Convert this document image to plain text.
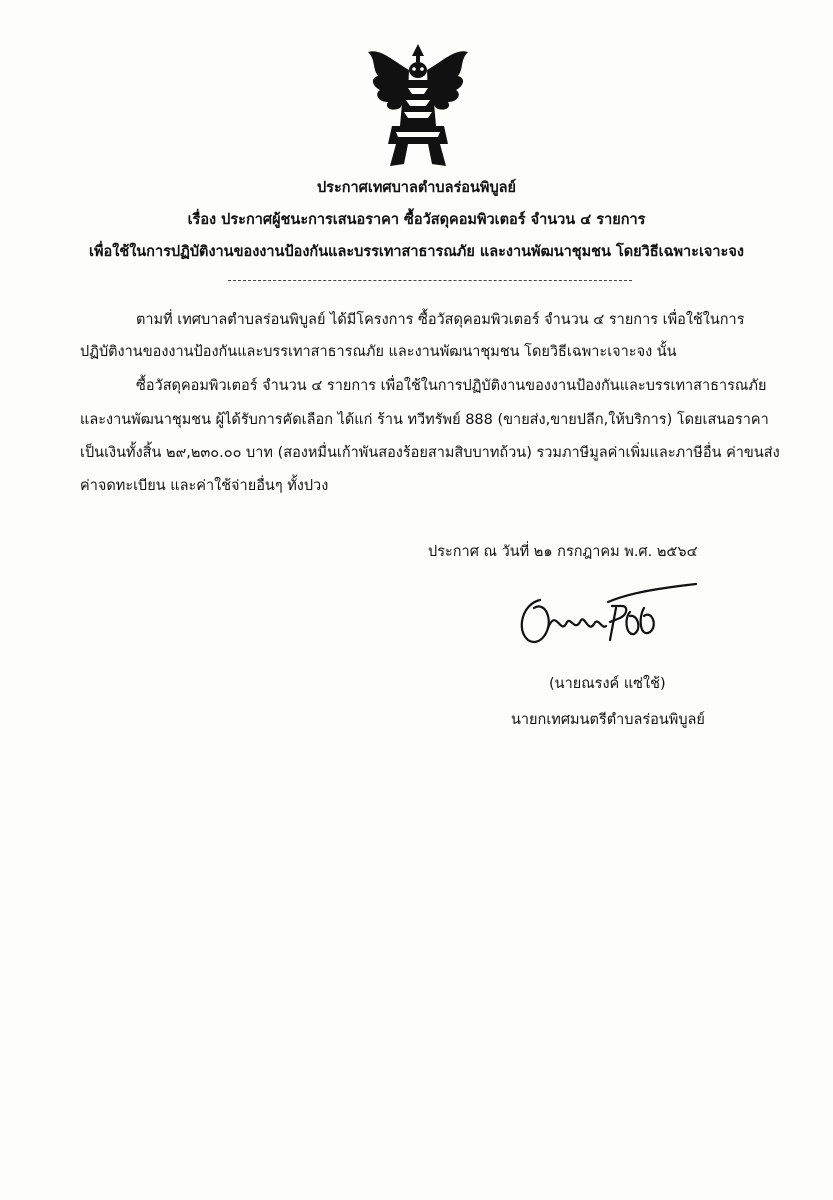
ประกาศเทศบาลตำบลร่อนพิบูลย์
เรื่อง ประกาศผู้ชนะการเสนอราคา ซื้อวัสดุคอมพิวเตอร์ จำนวน ๔ รายการ
เพื่อใช้ในการปฏิบัติงานของงานป้องกันและบรรเทาสาธารณภัย และงานพัฒนาชุมชน โดยวิธีเฉพาะเจาะจง
ตามที่ เทศบาลตำบลร่อนพิบูลย์ ได้มีโครงการ ซื้อวัสดุคอมพิวเตอร์ จำนวน ๔ รายการ เพื่อใช้ในการ
ปฏิบัติงานของงานป้องกันและบรรเทาสาธารณภัย และงานพัฒนาชุมชน โดยวิธีเฉพาะเจาะจง นั้น
ซื้อวัสดุคอมพิวเตอร์ จำนวน ๔ รายการ เพื่อใช้ในการปฏิบัติงานของงานป้องกันและบรรเทาสาธารณภัย
และงานพัฒนาชุมชน ผู้ได้รับการคัดเลือก ได้แก่ ร้าน ทวีทรัพย์ 888 (ขายส่ง,ขายปลีก,ให้บริการ) โดยเสนอราคา
เป็นเงินทั้งสิ้น ๒๙,๒๓๐.๐๐ บาท (สองหมื่นเก้าพันสองร้อยสามสิบบาทถ้วน) รวมภาษีมูลค่าเพิ่มและภาษีอื่น ค่าขนส่ง
ค่าจดทะเบียน และค่าใช้จ่ายอื่นๆ ทั้งปวง
ประกาศ ณ วันที่ ๒๑ กรกฎาคม พ.ศ. ๒๕๖๔
(นายณรงค์ แซ่ใช้)
นายกเทศมนตรีตำบลร่อนพิบูลย์
